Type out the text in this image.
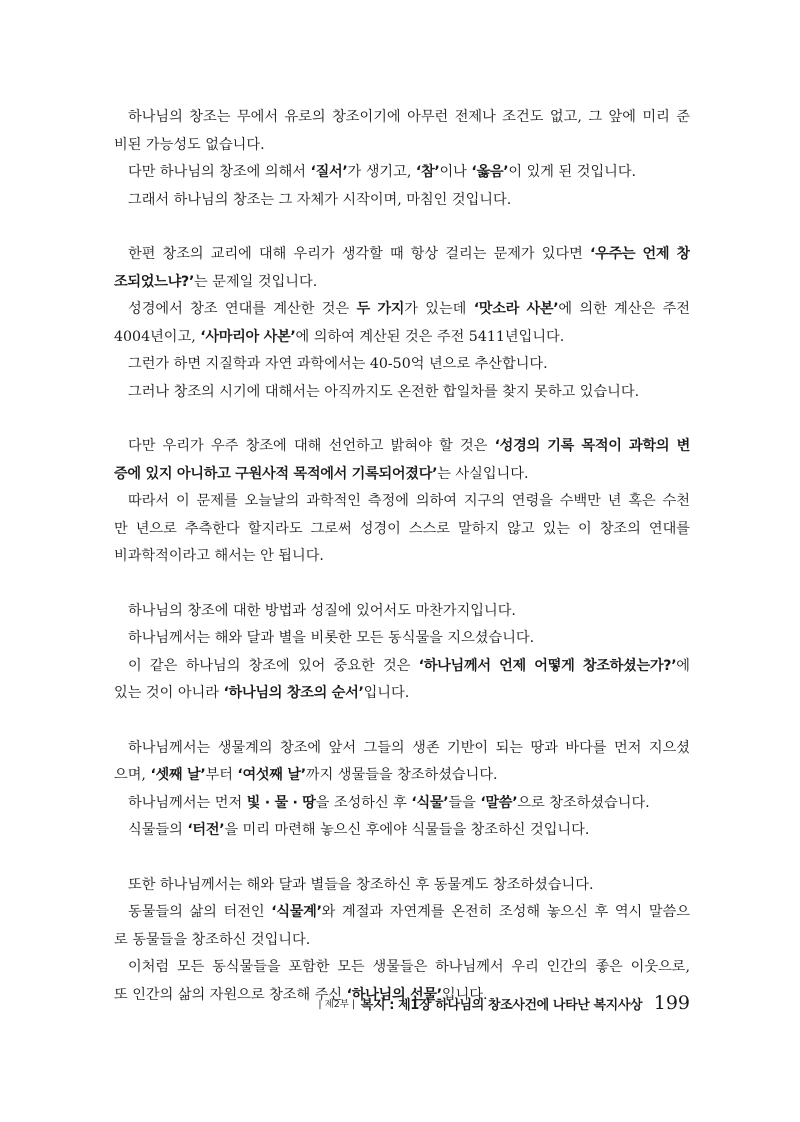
하나님의 창조는 무에서 유로의 창조이기에 아무런 전제나 조건도 없고, 그 앞에 미리 준
비된 가능성도 없습니다.
다만 하나님의 창조에 의해서 ‘질서’가 생기고, ‘참’이나 ‘옳음’이 있게 된 것입니다.
그래서 하나님의 창조는 그 자체가 시작이며, 마침인 것입니다.
한편 창조의 교리에 대해 우리가 생각할 때 항상 걸리는 문제가 있다면 ‘우주는 언제 창
조되었느냐?’는 문제일 것입니다.
성경에서 창조 연대를 계산한 것은 두 가지가 있는데 ‘맛소라 사본’에 의한 계산은 주전
4004년이고, ‘사마리아 사본’에 의하여 계산된 것은 주전 5411년입니다.
그런가 하면 지질학과 자연 과학에서는 40-50억 년으로 추산합니다.
그러나 창조의 시기에 대해서는 아직까지도 온전한 합일차를 찾지 못하고 있습니다.
다만 우리가 우주 창조에 대해 선언하고 밝혀야 할 것은 ‘성경의 기록 목적이 과학의 변
증에 있지 아니하고 구원사적 목적에서 기록되어졌다’는 사실입니다.
따라서 이 문제를 오늘날의 과학적인 측정에 의하여 지구의 연령을 수백만 년 혹은 수천
만 년으로 추측한다 할지라도 그로써 성경이 스스로 말하지 않고 있는 이 창조의 연대를
비과학적이라고 해서는 안 됩니다.
하나님의 창조에 대한 방법과 성질에 있어서도 마찬가지입니다.
하나님께서는 해와 달과 별을 비롯한 모든 동식물을 지으셨습니다.
이 같은 하나님의 창조에 있어 중요한 것은 ‘하나님께서 언제 어떻게 창조하셨는가?’에
있는 것이 아니라 ‘하나님의 창조의 순서’입니다.
하나님께서는 생물계의 창조에 앞서 그들의 생존 기반이 되는 땅과 바다를 먼저 지으셨
으며, ‘셋째 날’부터 ‘여섯째 날’까지 생물들을 창조하셨습니다.
하나님께서는 먼저 빛 · 물 · 땅을 조성하신 후 ‘식물’들을 ‘말씀’으로 창조하셨습니다.
식물들의 ‘터전’을 미리 마련해 놓으신 후에야 식물들을 창조하신 것입니다.
또한 하나님께서는 해와 달과 별들을 창조하신 후 동물계도 창조하셨습니다.
동물들의 삶의 터전인 ‘식물계’와 계절과 자연계를 온전히 조성해 놓으신 후 역시 말씀으
로 동물들을 창조하신 것입니다.
이처럼 모든 동식물들을 포함한 모든 생물들은 하나님께서 우리 인간의 좋은 이웃으로,
또 인간의 삶의 자원으로 창조해 주신 ‘하나님의 선물’입니다.
| 제2부 | 복지 : 제1장 하나님의 창조사건에 나타난 복지사상 199
